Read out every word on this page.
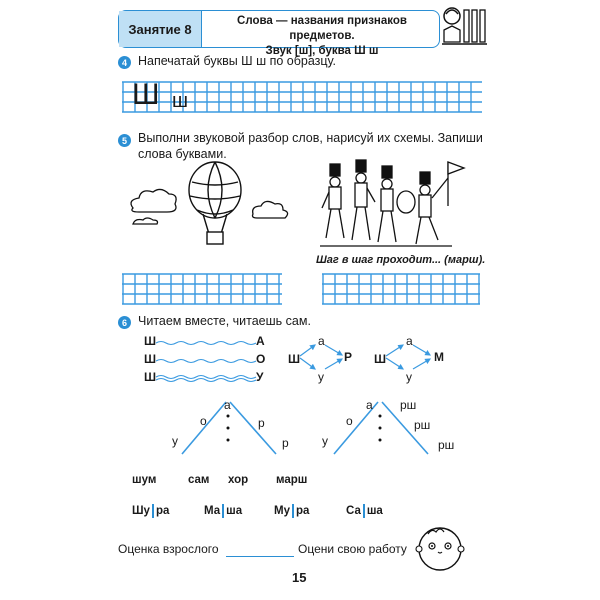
Занятие 8
Слова — названия признаков предметов.
Звук [ш], буква Ш ш
4 Напечатай буквы Ш ш по образцу.
Ш ш
5 Выполни звуковой разбор слов, нарисуй их схемы. Запиши
слова буквами.
Шаг в шаг проходит... (марш).
6 Читаем вместе, читаешь сам.
Ш	А
Ш	О
Ш	У
Ш
а
Р
у
Ш
а
М
у
а
о
у
р
р
а рш
о
у
рш
рш
шум	сам хор марш
Шу ра	Ма ша	Му ра	Са ша
Оценка взрослого	Оцени свою работу
15
